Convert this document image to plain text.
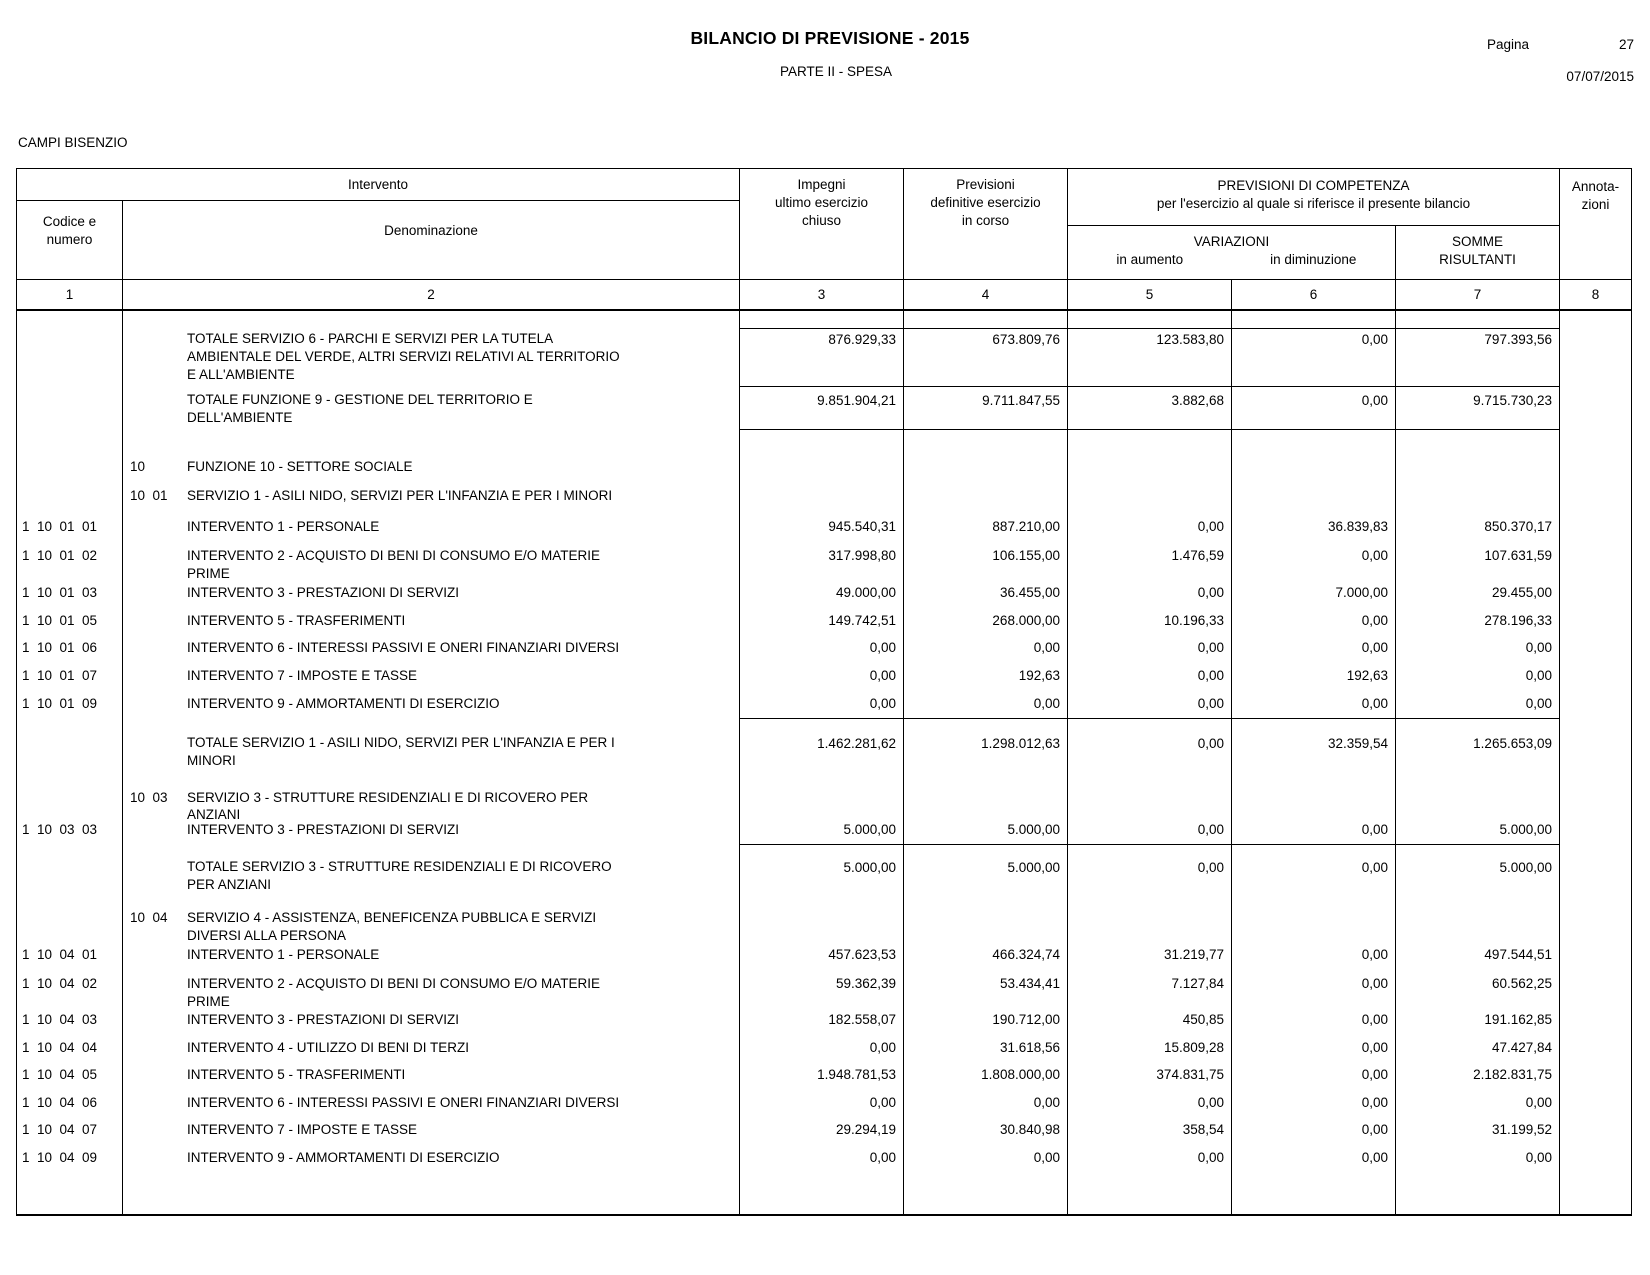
BILANCIO DI PREVISIONE - 2015
PARTE II - SPESA
Pagina	27
07/07/2015
CAMPI BISENZIO
Intervento
Codice e
numero
Denominazione
Impegni
ultimo esercizio
chiuso
Previsioni
definitive esercizio
in corso
PREVISIONI DI COMPETENZA
per l'esercizio al quale si riferisce il presente bilancio
VARIAZIONI
in aumento	in diminuzione
SOMME
RISULTANTI
Annota-
zioni
1	2	3	4	5	6	7	8
TOTALE SERVIZIO 6 - PARCHI E SERVIZI PER LA TUTELA
AMBIENTALE DEL VERDE, ALTRI SERVIZI RELATIVI AL TERRITORIO
E ALL'AMBIENTE
876.929,33	673.809,76	123.583,80	0,00	797.393,56
TOTALE FUNZIONE 9 - GESTIONE DEL TERRITORIO E
DELL'AMBIENTE
9.851.904,21	9.711.847,55	3.882,68	0,00	9.715.730,23
10	FUNZIONE 10 - SETTORE SOCIALE
10  01	SERVIZIO 1 - ASILI NIDO, SERVIZI PER L'INFANZIA E PER I MINORI
1  10  01  01	INTERVENTO 1 - PERSONALE	945.540,31	887.210,00	0,00	36.839,83	850.370,17
1  10  01  02	INTERVENTO 2 - ACQUISTO DI BENI DI CONSUMO E/O MATERIE
PRIME
317.998,80	106.155,00	1.476,59	0,00	107.631,59
1  10  01  03	INTERVENTO 3 - PRESTAZIONI DI SERVIZI	49.000,00	36.455,00	0,00	7.000,00	29.455,00
1  10  01  05	INTERVENTO 5 - TRASFERIMENTI	149.742,51	268.000,00	10.196,33	0,00	278.196,33
1  10  01  06	INTERVENTO 6 - INTERESSI PASSIVI E ONERI FINANZIARI DIVERSI	0,00	0,00	0,00	0,00	0,00
1  10  01  07	INTERVENTO 7 - IMPOSTE E TASSE	0,00	192,63	0,00	192,63	0,00
1  10  01  09	INTERVENTO 9 - AMMORTAMENTI DI ESERCIZIO	0,00	0,00	0,00	0,00	0,00
TOTALE SERVIZIO 1 - ASILI NIDO, SERVIZI PER L'INFANZIA E PER I
MINORI
1.462.281,62	1.298.012,63	0,00	32.359,54	1.265.653,09
10  03	SERVIZIO 3 - STRUTTURE RESIDENZIALI E DI RICOVERO PER
ANZIANI
1  10  03  03	INTERVENTO 3 - PRESTAZIONI DI SERVIZI	5.000,00	5.000,00	0,00	0,00	5.000,00
TOTALE SERVIZIO 3 - STRUTTURE RESIDENZIALI E DI RICOVERO
PER ANZIANI
5.000,00	5.000,00	0,00	0,00	5.000,00
10  04	SERVIZIO 4 - ASSISTENZA, BENEFICENZA PUBBLICA E SERVIZI
DIVERSI ALLA PERSONA
1  10  04  01	INTERVENTO 1 - PERSONALE	457.623,53	466.324,74	31.219,77	0,00	497.544,51
1  10  04  02	INTERVENTO 2 - ACQUISTO DI BENI DI CONSUMO E/O MATERIE
PRIME
59.362,39	53.434,41	7.127,84	0,00	60.562,25
1  10  04  03	INTERVENTO 3 - PRESTAZIONI DI SERVIZI	182.558,07	190.712,00	450,85	0,00	191.162,85
1  10  04  04	INTERVENTO 4 - UTILIZZO DI BENI DI TERZI	0,00	31.618,56	15.809,28	0,00	47.427,84
1  10  04  05	INTERVENTO 5 - TRASFERIMENTI	1.948.781,53	1.808.000,00	374.831,75	0,00	2.182.831,75
1  10  04  06	INTERVENTO 6 - INTERESSI PASSIVI E ONERI FINANZIARI DIVERSI	0,00	0,00	0,00	0,00	0,00
1  10  04  07	INTERVENTO 7 - IMPOSTE E TASSE	29.294,19	30.840,98	358,54	0,00	31.199,52
1  10  04  09	INTERVENTO 9 - AMMORTAMENTI DI ESERCIZIO	0,00	0,00	0,00	0,00	0,00
